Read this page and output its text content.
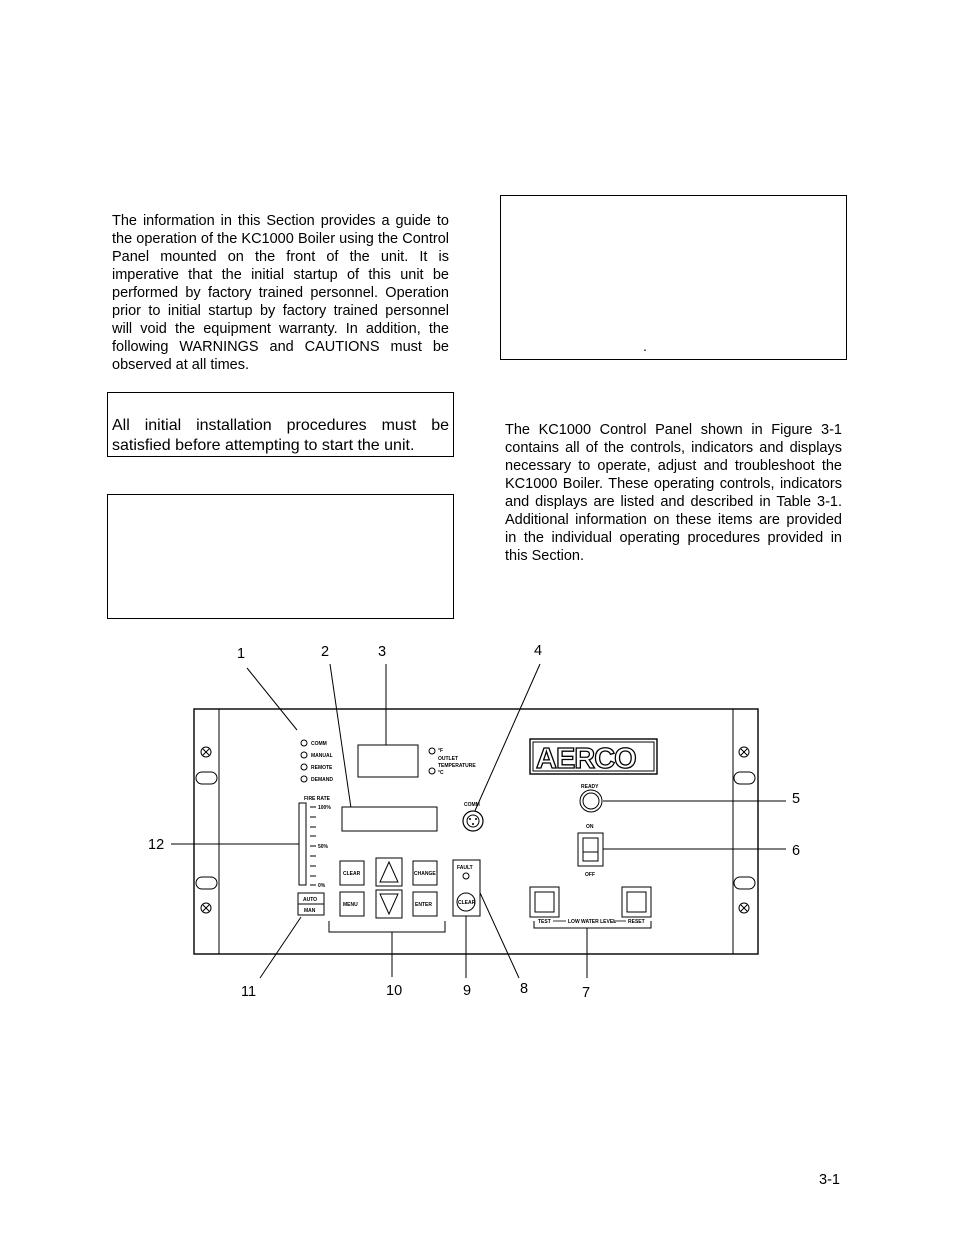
The information in this Section provides a guide to the operation of the KC1000 Boiler using the Control Panel mounted on the front of the unit. It is imperative that the initial startup of this unit be performed by factory trained personnel. Operation prior to initial startup by factory trained personnel will void the equipment warranty. In addition, the following WARNINGS and CAUTIONS must be observed at all times.

All initial installation procedures must be satisfied before attempting to start the unit.

.

The KC1000 Control Panel shown in Figure 3-1 contains all of the controls, indicators and displays necessary to operate, adjust and troubleshoot the KC1000 Boiler. These operating controls, indicators and displays are listed and described in Table 3-1. Additional information on these items are provided in the individual operating procedures provided in this Section.

1	2	3	4
5
6
7
8
9
10
11
12
COMM
MANUAL
REMOTE
DEMAND
°F
OUTLET
TEMPERATURE
°C
COMM
FIRE RATE
100%
50%
0%
AUTO
MAN
CLEAR	CHANGE
MENU	ENTER
FAULT
CLEAR
AERCO
READY
ON
OFF
TEST	LOW WATER LEVEL RESET
3-1
